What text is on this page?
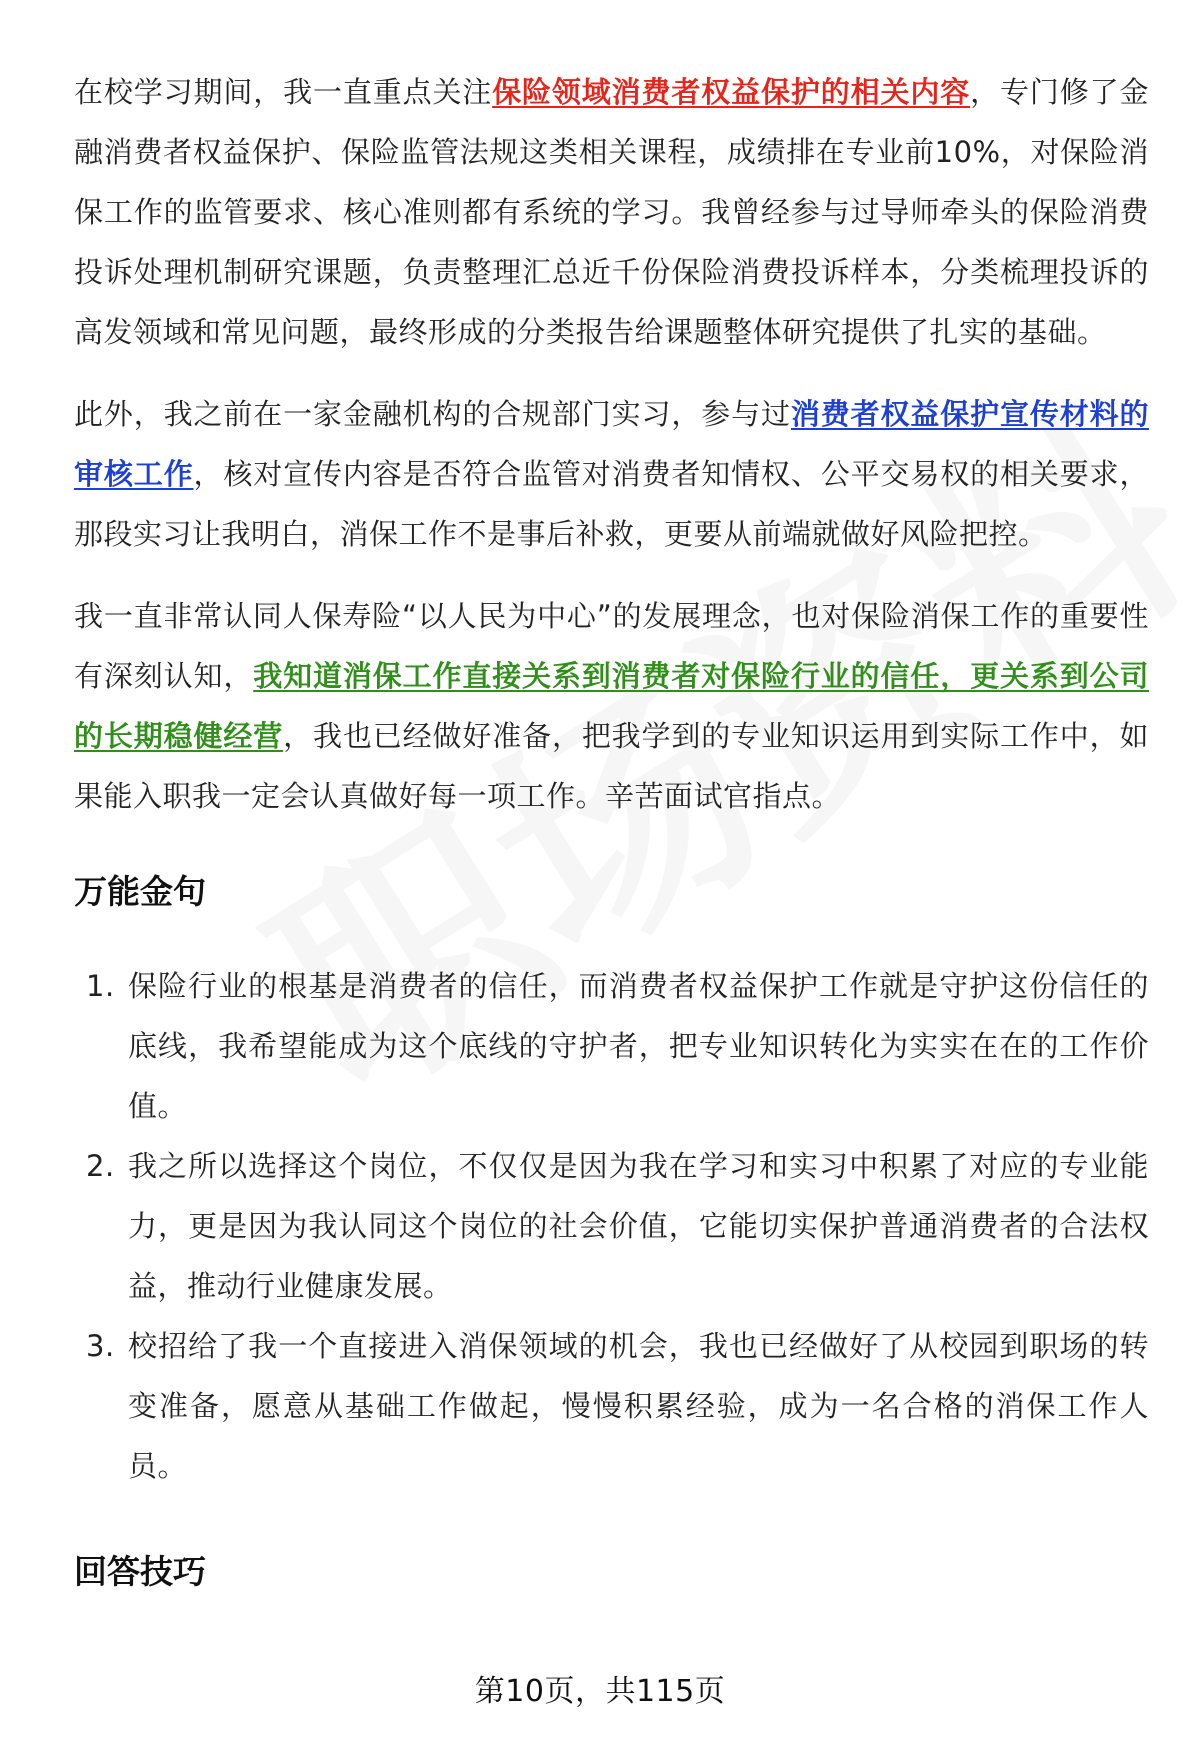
在校学习期间，我一直重点关注保险领域消费者权益保护的相关内容，专门修了金融消费者权益保护、保险监管法规这类相关课程，成绩排在专业前10%，对保险消保工作的监管要求、核心准则都有系统的学习。我曾经参与过导师牵头的保险消费投诉处理机制研究课题，负责整理汇总近千份保险消费投诉样本，分类梳理投诉的高发领域和常见问题，最终形成的分类报告给课题整体研究提供了扎实的基础。

此外，我之前在一家金融机构的合规部门实习，参与过消费者权益保护宣传材料的审核工作，核对宣传内容是否符合监管对消费者知情权、公平交易权的相关要求，那段实习让我明白，消保工作不是事后补救，更要从前端就做好风险把控。

我一直非常认同人保寿险“以人民为中心”的发展理念，也对保险消保工作的重要性有深刻认知，我知道消保工作直接关系到消费者对保险行业的信任，更关系到公司的长期稳健经营，我也已经做好准备，把我学到的专业知识运用到实际工作中，如果能入职我一定会认真做好每一项工作。辛苦面试官指点。

万能金句
1. 保险行业的根基是消费者的信任，而消费者权益保护工作就是守护这份信任的底线，我希望能成为这个底线的守护者，把专业知识转化为实实在在的工作价值。
2. 我之所以选择这个岗位，不仅仅是因为我在学习和实习中积累了对应的专业能力，更是因为我认同这个岗位的社会价值，它能切实保护普通消费者的合法权益，推动行业健康发展。
3. 校招给了我一个直接进入消保领域的机会，我也已经做好了从校园到职场的转变准备，愿意从基础工作做起，慢慢积累经验，成为一名合格的消保工作人员。
回答技巧
第10页，共115页
